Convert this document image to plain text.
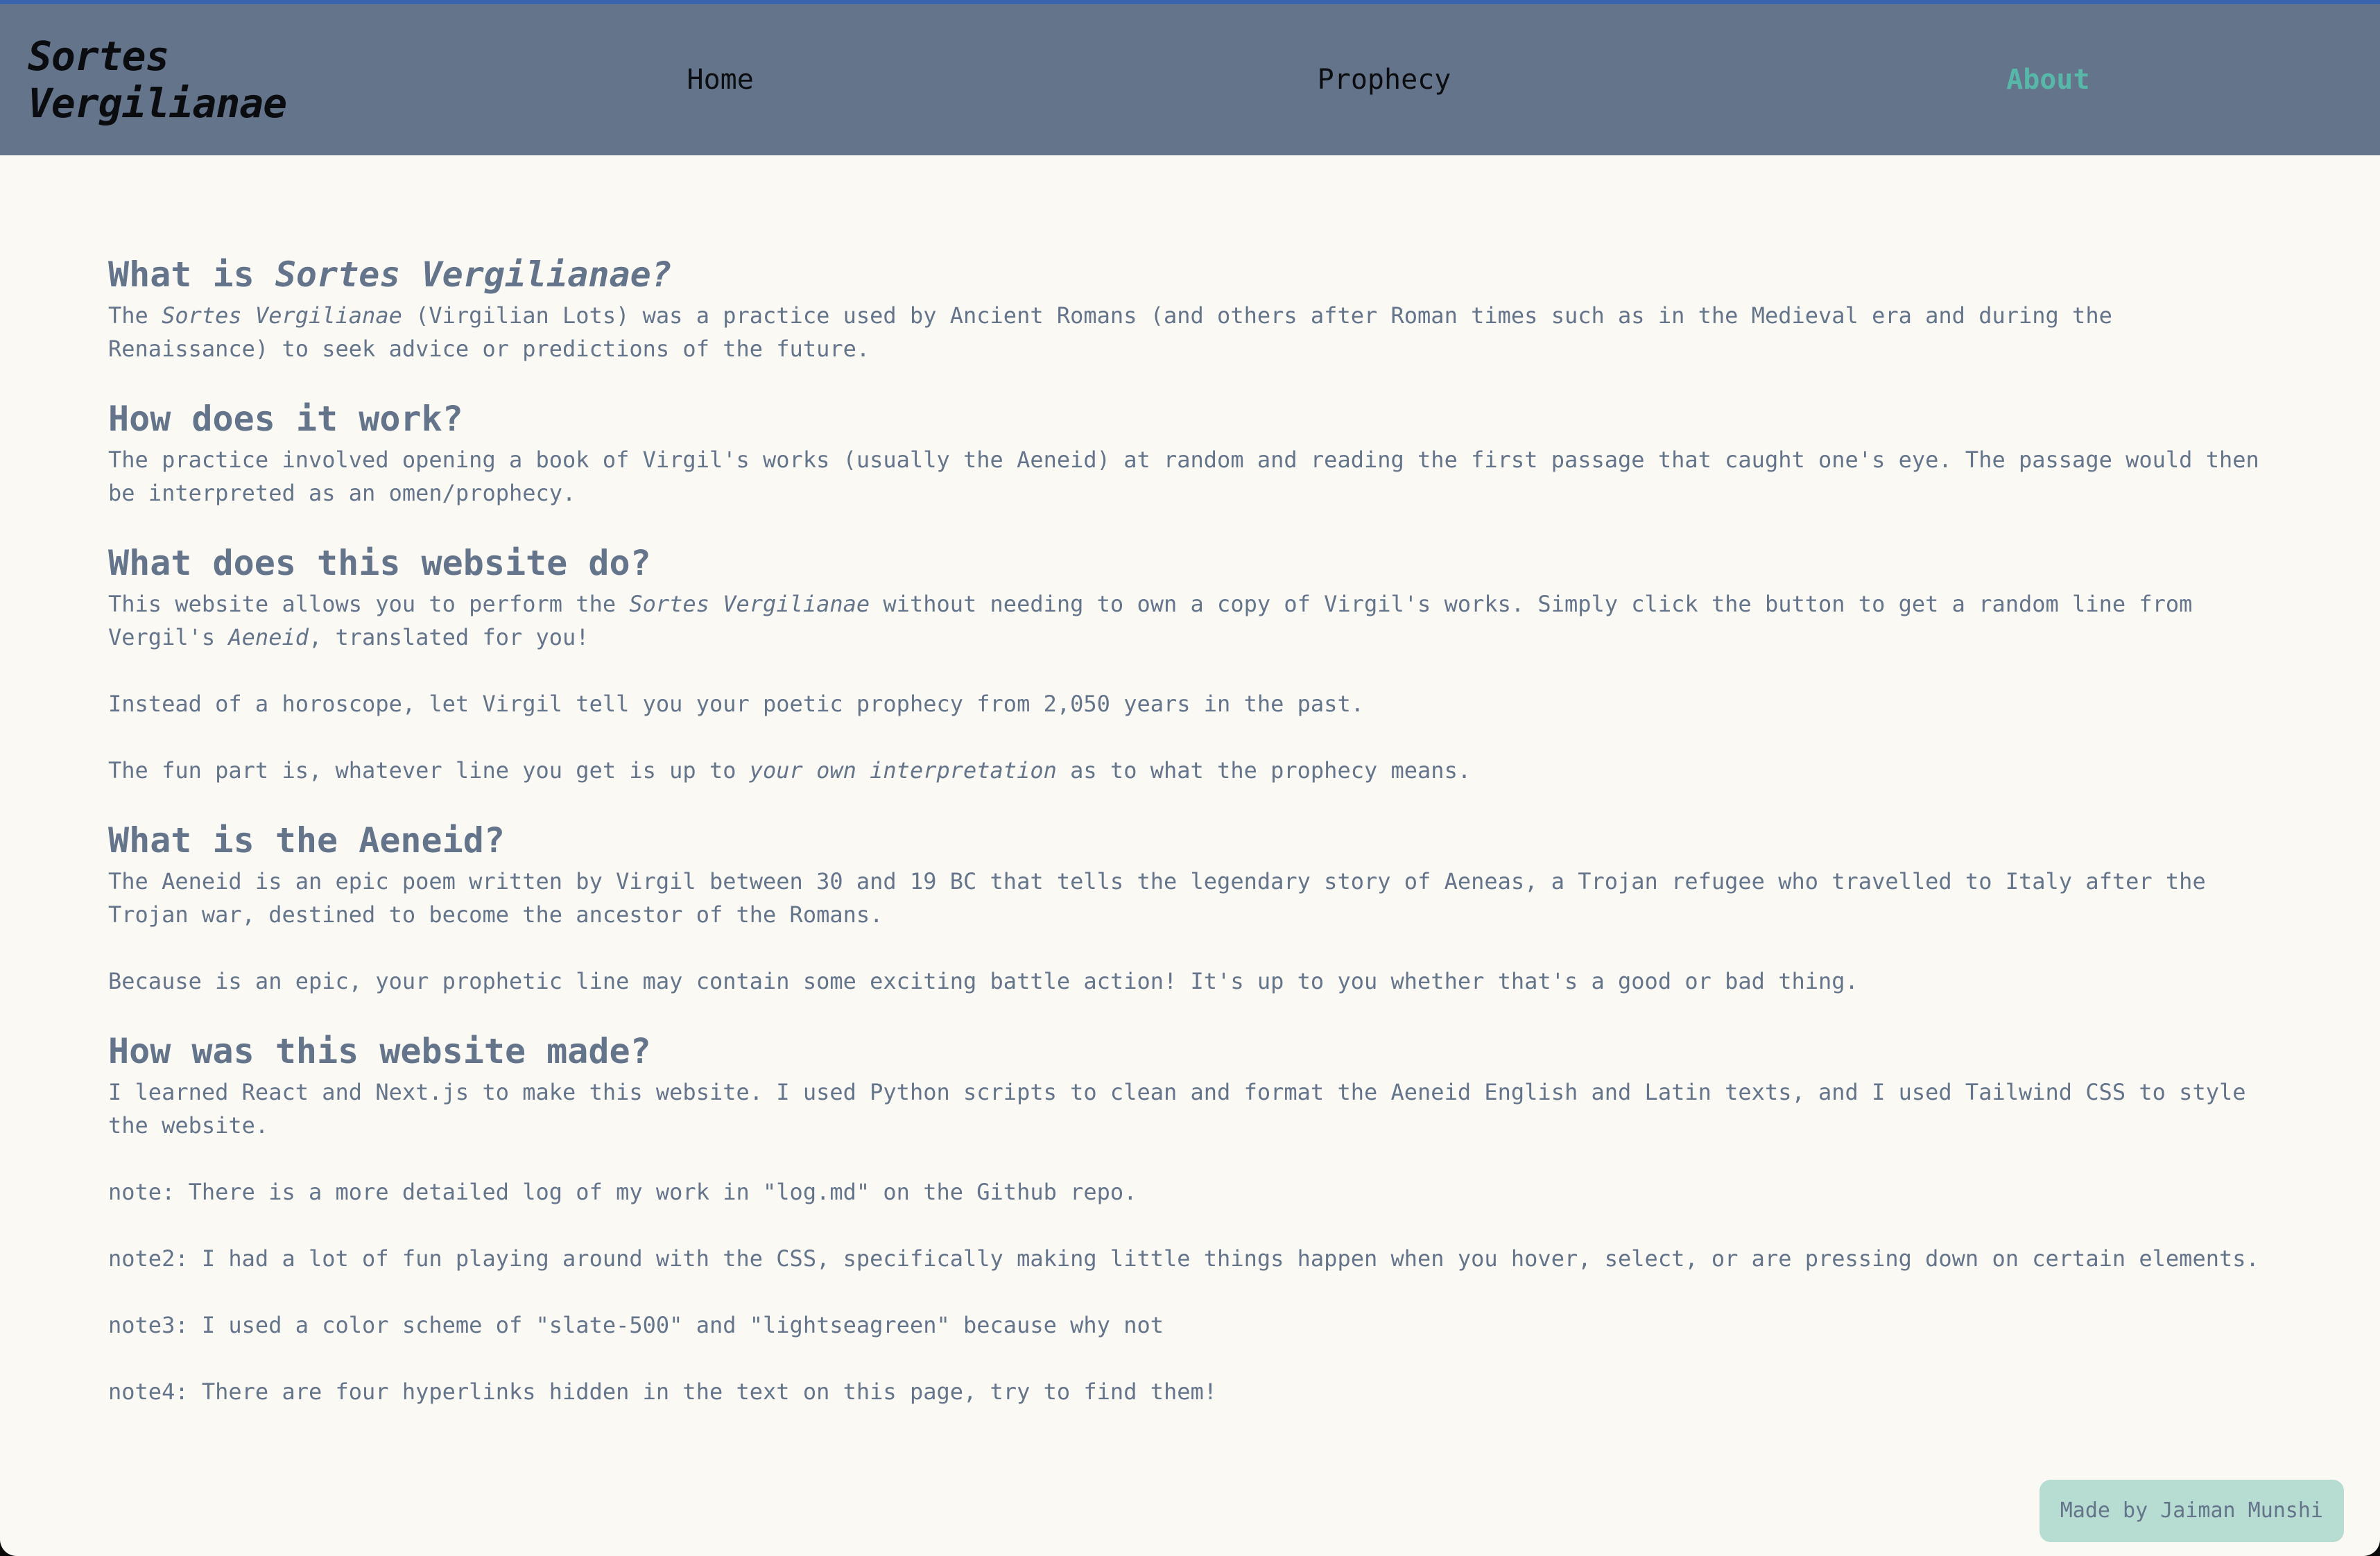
Sortes Vergilianae	Home	Prophecy	About
What is Sortes Vergilianae?

The Sortes Vergilianae (Virgilian Lots) was a practice used by Ancient Romans (and others after Roman times such as in the Medieval era and during the Renaissance) to seek advice or predictions of the future.

How does it work?

The practice involved opening a book of Virgil's works (usually the Aeneid) at random and reading the first passage that caught one's eye. The passage would then be interpreted as an omen/prophecy.

What does this website do?

This website allows you to perform the Sortes Vergilianae without needing to own a copy of Virgil's works. Simply click the button to get a random line from Vergil's Aeneid, translated for you!

Instead of a horoscope, let Virgil tell you your poetic prophecy from 2,050 years in the past.

The fun part is, whatever line you get is up to your own interpretation as to what the prophecy means.

What is the Aeneid?

The Aeneid is an epic poem written by Virgil between 30 and 19 BC that tells the legendary story of Aeneas, a Trojan refugee who travelled to Italy after the Trojan war, destined to become the ancestor of the Romans.

Because is an epic, your prophetic line may contain some exciting battle action! It's up to you whether that's a good or bad thing.

How was this website made?

I learned React and Next.js to make this website. I used Python scripts to clean and format the Aeneid English and Latin texts, and I used Tailwind CSS to style the website.

note: There is a more detailed log of my work in "log.md" on the Github repo.

note2: I had a lot of fun playing around with the CSS, specifically making little things happen when you hover, select, or are pressing down on certain elements.

note3: I used a color scheme of "slate-500" and "lightseagreen" because why not

note4: There are four hyperlinks hidden in the text on this page, try to find them!

Made by Jaiman Munshi
